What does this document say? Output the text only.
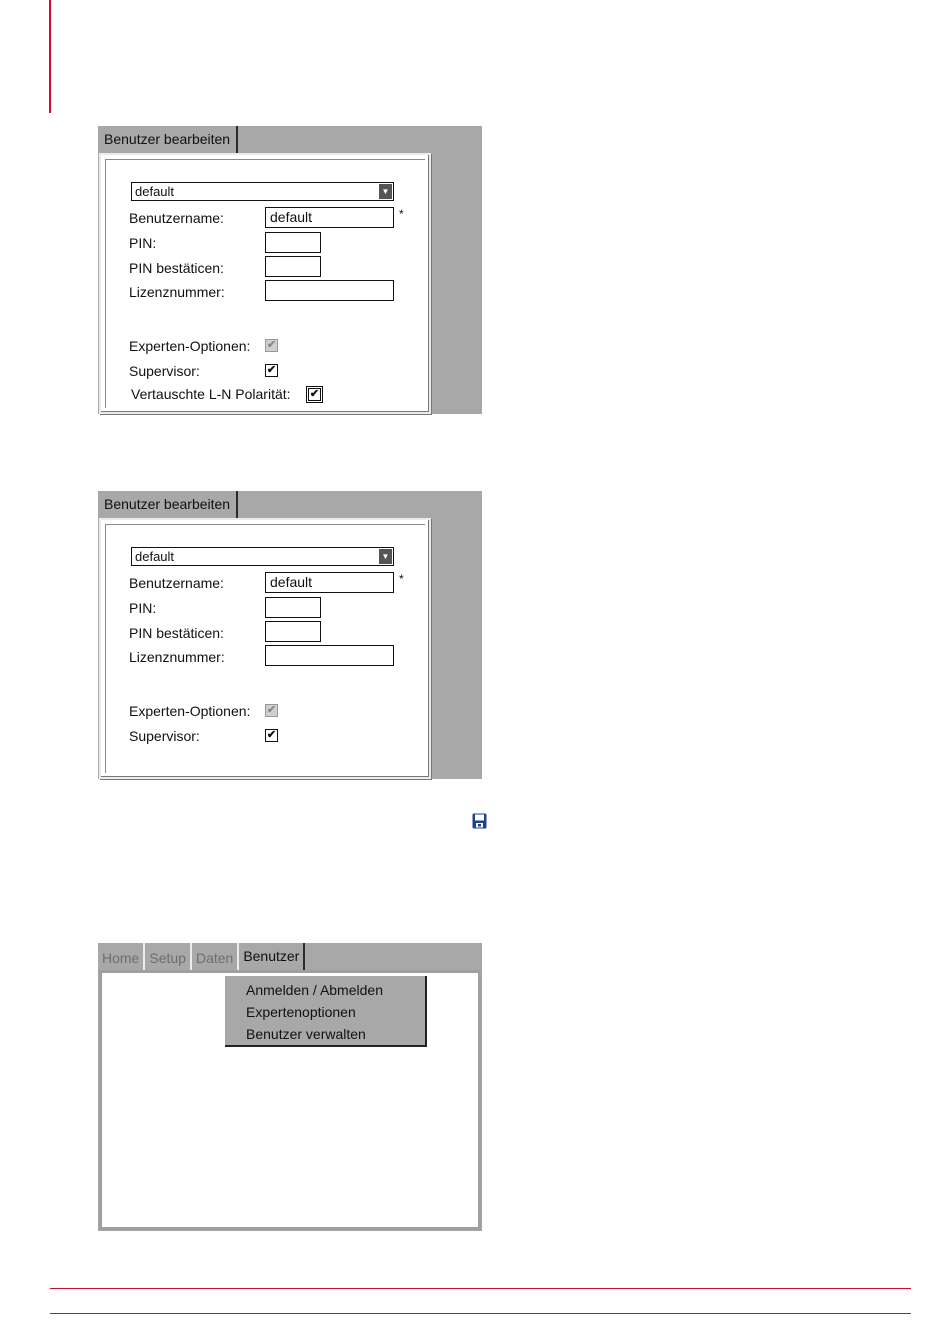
Benutzer bearbeiten
default	▼
Benutzername:	default	*
PIN:
PIN bestäticen:
Lizenznummer:
Experten-Optionen: ✔
Supervisor:	✔
Vertauschte L-N Polarität: ✔
Benutzer bearbeiten
default	▼
Benutzername:	default	*
PIN:
PIN bestäticen:
Lizenznummer:
Experten-Optionen: ✔
Supervisor:	✔
Home Setup Daten Benutzer
Anmelden / Abmelden
Expertenoptionen
Benutzer verwalten
